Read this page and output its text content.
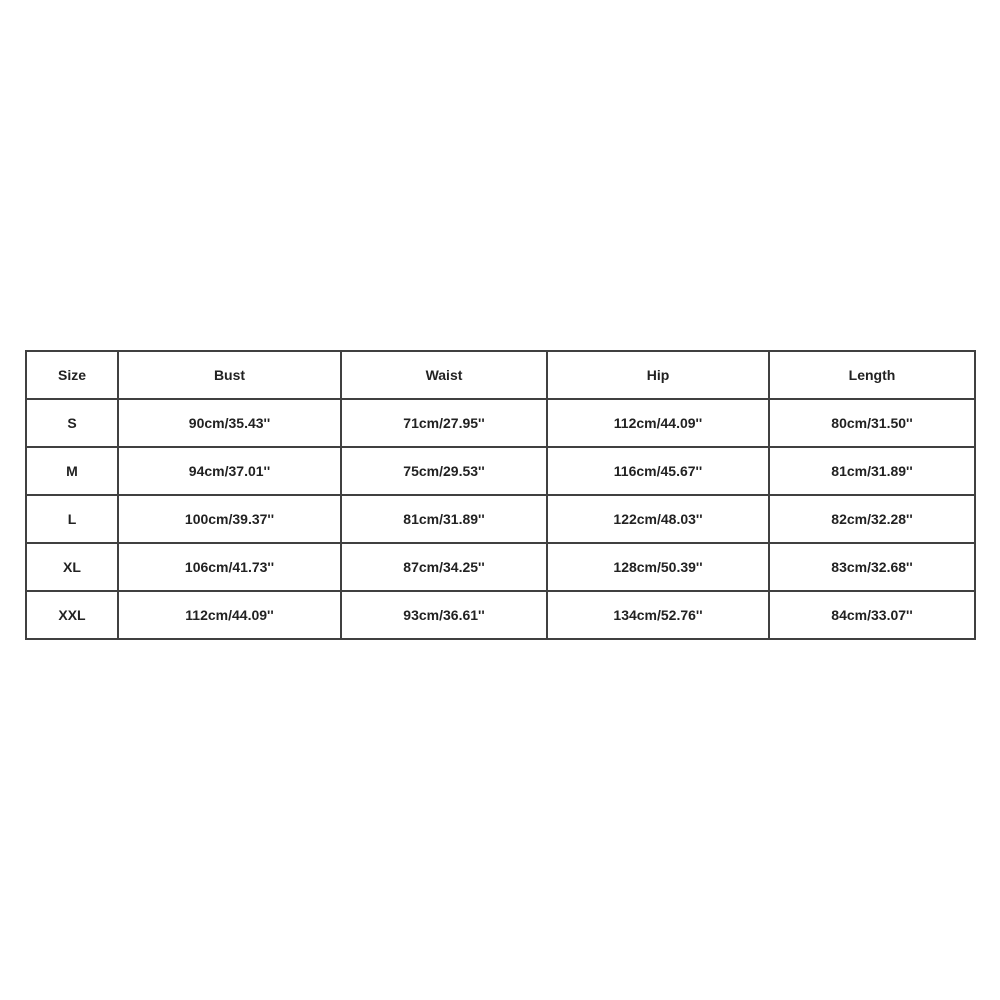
Size	Bust	Waist	Hip	Length
S	90cm/35.43''	71cm/27.95''	112cm/44.09''	80cm/31.50''
M	94cm/37.01''	75cm/29.53''	116cm/45.67''	81cm/31.89''
L	100cm/39.37''	81cm/31.89''	122cm/48.03''	82cm/32.28''
XL	106cm/41.73''	87cm/34.25''	128cm/50.39''	83cm/32.68''
XXL	112cm/44.09''	93cm/36.61''	134cm/52.76''	84cm/33.07''
